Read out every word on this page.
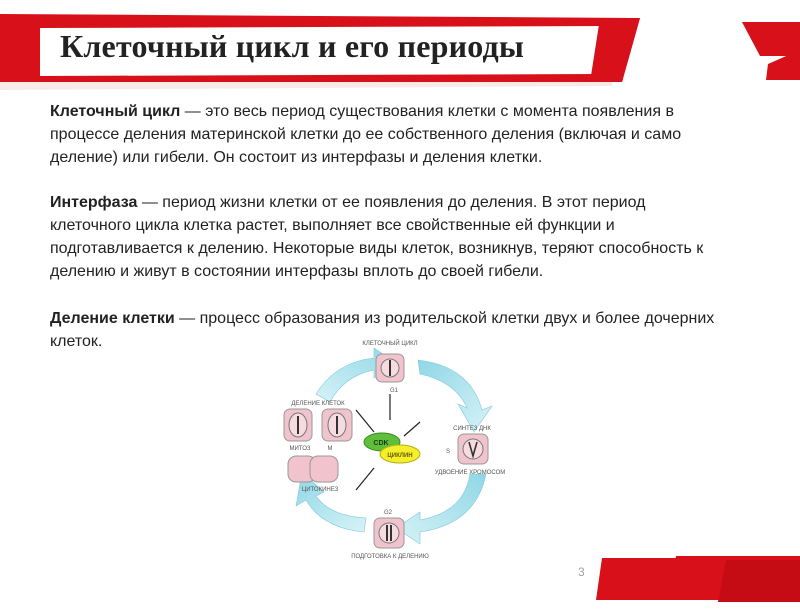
Клеточный цикл и его периоды
Клеточный цикл — это весь период существования клетки с момента появления в процессе деления материнской клетки до ее собственного деления (включая и само деление) или гибели. Он состоит из интерфазы и деления клетки.
Интерфаза — период жизни клетки от ее появления до деления. В этот период клеточного цикла клетка растет, выполняет все свойственные ей функции и подготавливается к делению. Некоторые виды клеток, возникнув, теряют способность к делению и живут в состоянии интерфазы вплоть до своей гибели.
Деление клетки — процесс образования из родительской клетки двух и более дочерних клеток.	КЛЕТОЧНЫЙ ЦИКЛ
G1
ДЕЛЕНИЕ КЛЕТОК
МИТОЗ	M
ЦИТОКИНЕЗ
CDK
ЦИКЛИН
СИНТЕЗ ДНК
S
УДВОЕНИЕ ХРОМОСОМ
G2
ПОДГОТОВКА К ДЕЛЕНИЮ
3
